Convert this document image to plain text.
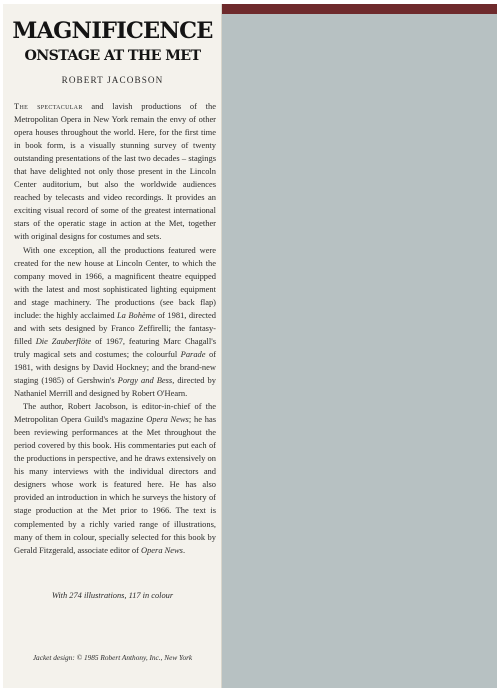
MAGNIFICENCE
ONSTAGE AT THE MET

ROBERT JACOBSON

The spectacular and lavish productions of the Metropolitan Opera in New York remain the envy of other opera houses throughout the world. Here, for the first time in book form, is a visually stunning survey of twenty outstanding presentations of the last two decades – stagings that have delighted not only those present in the Lincoln Center auditorium, but also the worldwide audiences reached by telecasts and video recordings. It provides an exciting visual record of some of the greatest international stars of the operatic stage in action at the Met, together with original designs for costumes and sets.

With one exception, all the productions featured were created for the new house at Lincoln Center, to which the company moved in 1966, a magnificent theatre equipped with the latest and most sophisticated lighting equipment and stage machinery. The productions (see back flap) include: the highly acclaimed La Bohème of 1981, directed and with sets designed by Franco Zeffirelli; the fantasy-filled Die Zauberflöte of 1967, featuring Marc Chagall's truly magical sets and costumes; the colourful Parade of 1981, with designs by David Hockney; and the brand-new staging (1985) of Gershwin's Porgy and Bess, directed by Nathaniel Merrill and designed by Robert O'Hearn.

The author, Robert Jacobson, is editor-in-chief of the Metropolitan Opera Guild's magazine Opera News; he has been reviewing performances at the Met throughout the period covered by this book. His commentaries put each of the productions in perspective, and he draws extensively on his many interviews with the individual directors and designers whose work is featured here. He has also provided an introduction in which he surveys the history of stage production at the Met prior to 1966. The text is complemented by a richly varied range of illustrations, many of them in colour, specially selected for this book by Gerald Fitzgerald, associate editor of Opera News.

With 274 illustrations, 117 in colour

Jacket design: © 1985 Robert Anthony, Inc., New York
